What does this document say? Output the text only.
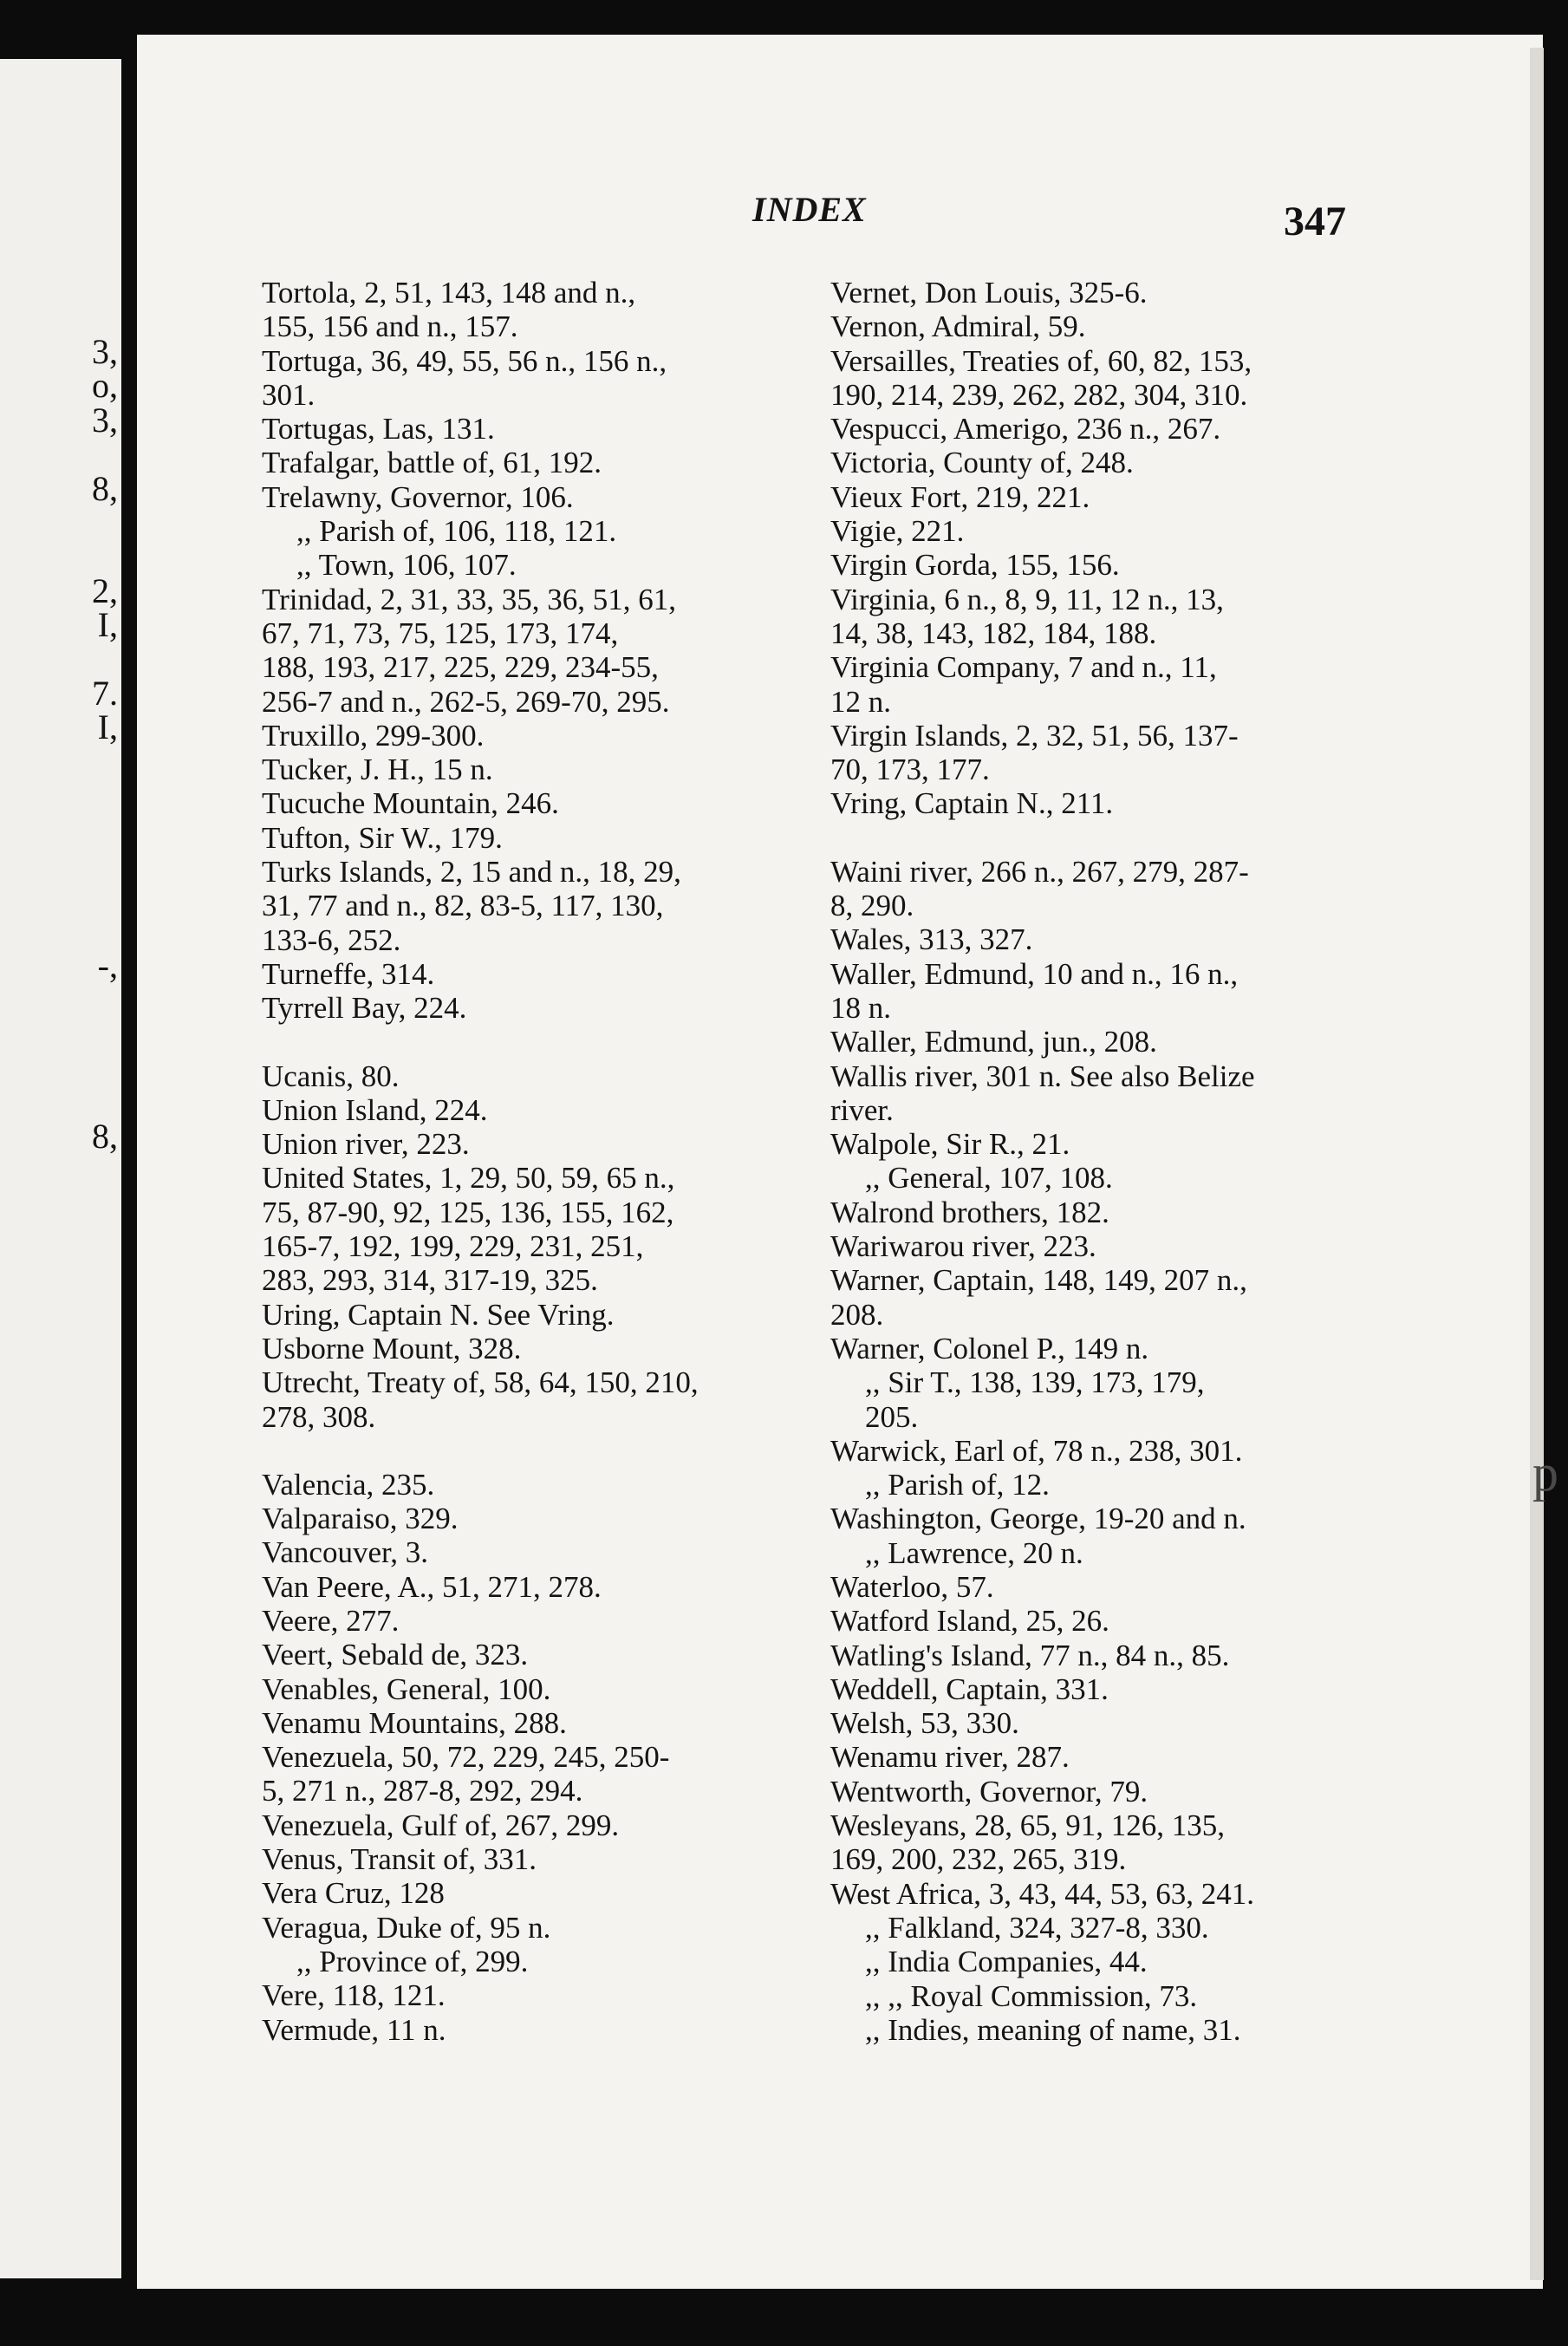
3,
o,
3,
8,
2,
I,
7.
I,
-,
8,
INDEX	347
Tortola, 2, 51, 143, 148 and n.,
155, 156 and n., 157.
Tortuga, 36, 49, 55, 56 n., 156 n.,
301.
Tortugas, Las, 131.
Trafalgar, battle of, 61, 192.
Trelawny, Governor, 106.
,, Parish of, 106, 118, 121.
,, Town, 106, 107.
Trinidad, 2, 31, 33, 35, 36, 51, 61,
67, 71, 73, 75, 125, 173, 174,
188, 193, 217, 225, 229, 234-55,
256-7 and n., 262-5, 269-70, 295.
Truxillo, 299-300.
Tucker, J. H., 15 n.
Tucuche Mountain, 246.
Tufton, Sir W., 179.
Turks Islands, 2, 15 and n., 18, 29,
31, 77 and n., 82, 83-5, 117, 130,
133-6, 252.
Turneffe, 314.
Tyrrell Bay, 224.
Ucanis, 80.
Union Island, 224.
Union river, 223.
United States, 1, 29, 50, 59, 65 n.,
75, 87-90, 92, 125, 136, 155, 162,
165-7, 192, 199, 229, 231, 251,
283, 293, 314, 317-19, 325.
Uring, Captain N. See Vring.
Usborne Mount, 328.
Utrecht, Treaty of, 58, 64, 150, 210,
278, 308.
Valencia, 235.
Valparaiso, 329.
Vancouver, 3.
Van Peere, A., 51, 271, 278.
Veere, 277.
Veert, Sebald de, 323.
Venables, General, 100.
Venamu Mountains, 288.
Venezuela, 50, 72, 229, 245, 250-
5, 271 n., 287-8, 292, 294.
Venezuela, Gulf of, 267, 299.
Venus, Transit of, 331.
Vera Cruz, 128
Veragua, Duke of, 95 n.
,, Province of, 299.
Vere, 118, 121.
Vermude, 11 n.
Vernet, Don Louis, 325-6.
Vernon, Admiral, 59.
Versailles, Treaties of, 60, 82, 153,
190, 214, 239, 262, 282, 304, 310.
Vespucci, Amerigo, 236 n., 267.
Victoria, County of, 248.
Vieux Fort, 219, 221.
Vigie, 221.
Virgin Gorda, 155, 156.
Virginia, 6 n., 8, 9, 11, 12 n., 13,
14, 38, 143, 182, 184, 188.
Virginia Company, 7 and n., 11,
12 n.
Virgin Islands, 2, 32, 51, 56, 137-
70, 173, 177.
Vring, Captain N., 211.
Waini river, 266 n., 267, 279, 287-
8, 290.
Wales, 313, 327.
Waller, Edmund, 10 and n., 16 n.,
18 n.
Waller, Edmund, jun., 208.
Wallis river, 301 n. See also Belize
river.
Walpole, Sir R., 21.
,, General, 107, 108.
Walrond brothers, 182.
Wariwarou river, 223.
Warner, Captain, 148, 149, 207 n.,
208.
Warner, Colonel P., 149 n.
,, Sir T., 138, 139, 173, 179,
205.
Warwick, Earl of, 78 n., 238, 301.
,, Parish of, 12.
Washington, George, 19-20 and n.
,, Lawrence, 20 n.
Waterloo, 57.
Watford Island, 25, 26.
Watling's Island, 77 n., 84 n., 85.
Weddell, Captain, 331.
Welsh, 53, 330.
Wenamu river, 287.
Wentworth, Governor, 79.
Wesleyans, 28, 65, 91, 126, 135,
169, 200, 232, 265, 319.
West Africa, 3, 43, 44, 53, 63, 241.
,, Falkland, 324, 327-8, 330.
,, India Companies, 44.
,, ,, Royal Commission, 73.
,, Indies, meaning of name, 31.
p
